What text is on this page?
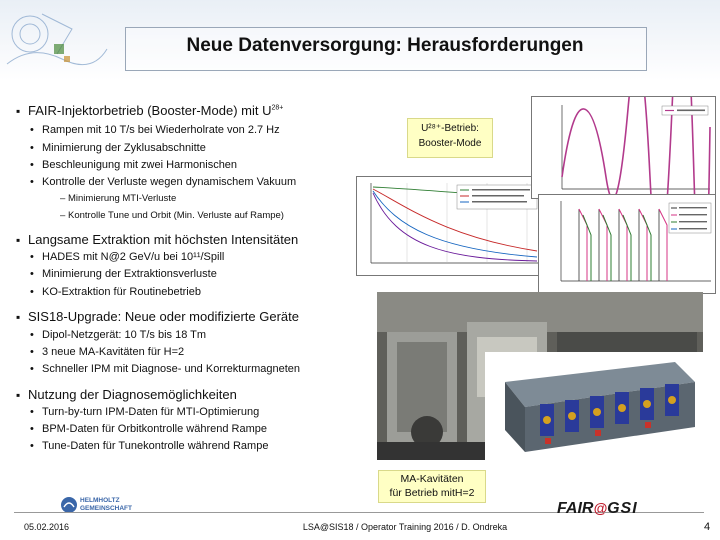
Neue Datenversorgung: Herausforderungen
▪ FAIR-Injektorbetrieb (Booster-Mode) mit $U^{28+}$
• Rampen mit 10 T/s bei Wiederholrate von 2.7 Hz
• Minimierung der Zyklusabschnitte
• Beschleunigung mit zwei Harmonischen
• Kontrolle der Verluste wegen dynamischem Vakuum
– Minimierung MTI-Verluste
– Kontrolle Tune und Orbit (Min. Verluste auf Rampe)
▪ Langsame Extraktion mit höchsten Intensitäten
• HADES mit N@2 GeV/u bei 10¹¹/Spill
• Minimierung der Extraktionsverluste
• KO-Extraktion für Routinebetrieb
▪ SIS18-Upgrade: Neue oder modifizierte Geräte
• Dipol-Netzgerät: 10 T/s bis 18 Tm
• 3 neue MA-Kavitäten für H=2
• Schneller IPM mit Diagnose- und Korrekturmagneten
▪ Nutzung der Diagnosemöglichkeiten
• Turn-by-turn IPM-Daten für MTI-Optimierung
• BPM-Daten für Orbitkontrolle während Rampe
• Tune-Daten für Tunekontrolle während Rampe
U²⁸⁺-Betrieb:
Booster-Mode
MA-Kavitäten
für Betrieb mitH=2
HELMHOLTZ
GEMEINSCHAFT
05.02.2016	LSA@SIS18 / Operator Training 2016 / D. Ondreka
FAIR@GSI
4
